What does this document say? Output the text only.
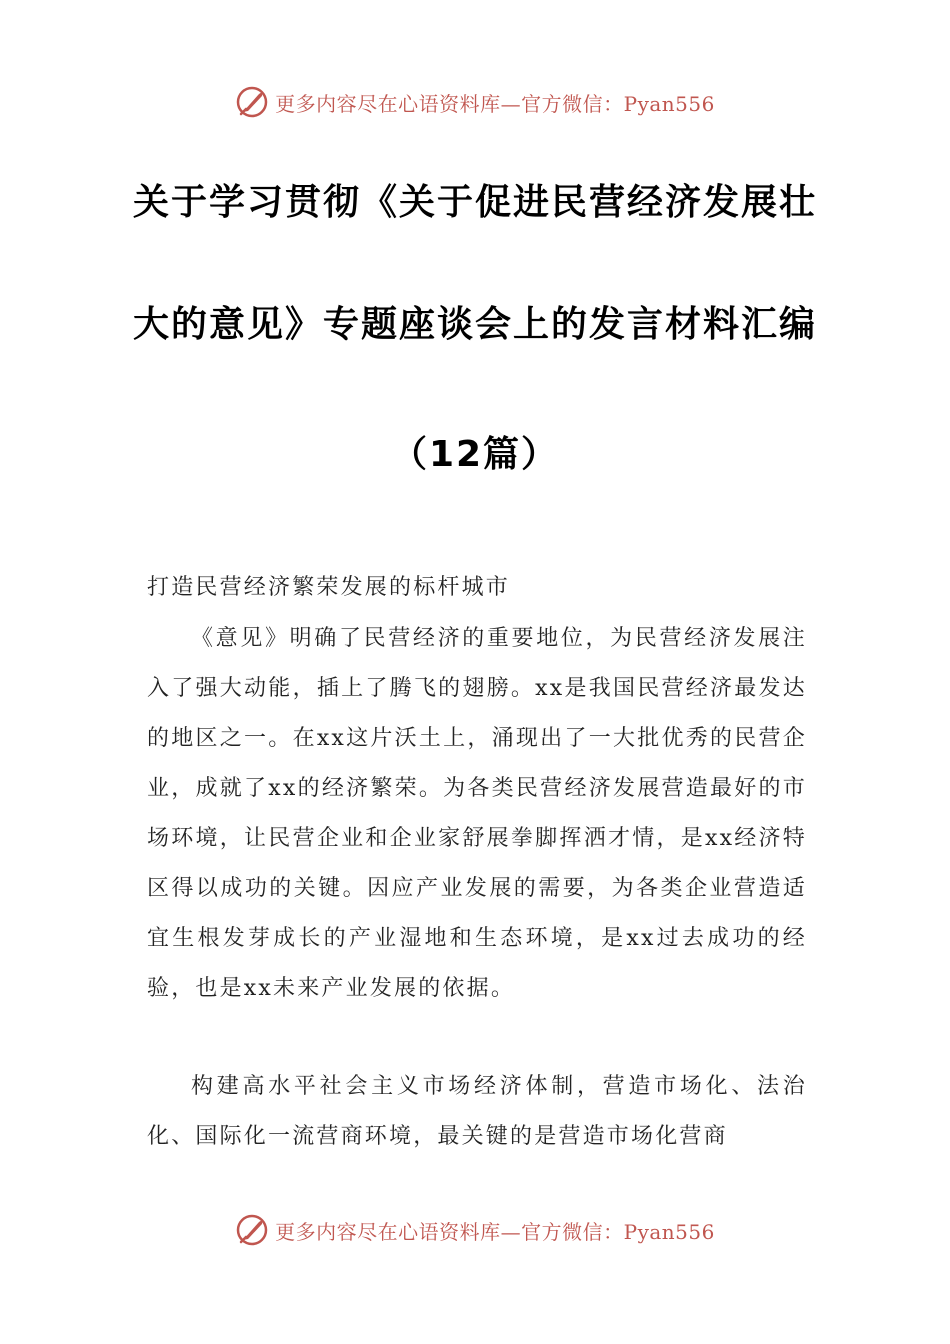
更多内容尽在心语资料库—官方微信：Pyan556
关于学习贯彻《关于促进民营经济发展壮
大的意见》专题座谈会上的发言材料汇编
（12篇）
打造民营经济繁荣发展的标杆城市
《意见》明确了民营经济的重要地位，为民营经济发展注入了强大动能，插上了腾飞的翅膀。xx是我国民营经济最发达的地区之一。在xx这片沃土上，涌现出了一大批优秀的民营企业，成就了xx的经济繁荣。为各类民营经济发展营造最好的市场环境，让民营企业和企业家舒展拳脚挥洒才情，是xx经济特区得以成功的关键。因应产业发展的需要，为各类企业营造适宜生根发芽成长的产业湿地和生态环境，是xx过去成功的经验，也是xx未来产业发展的依据。
构建高水平社会主义市场经济体制，营造市场化、法治化、国际化一流营商环境，最关键的是营造市场化营商
更多内容尽在心语资料库—官方微信：Pyan556
